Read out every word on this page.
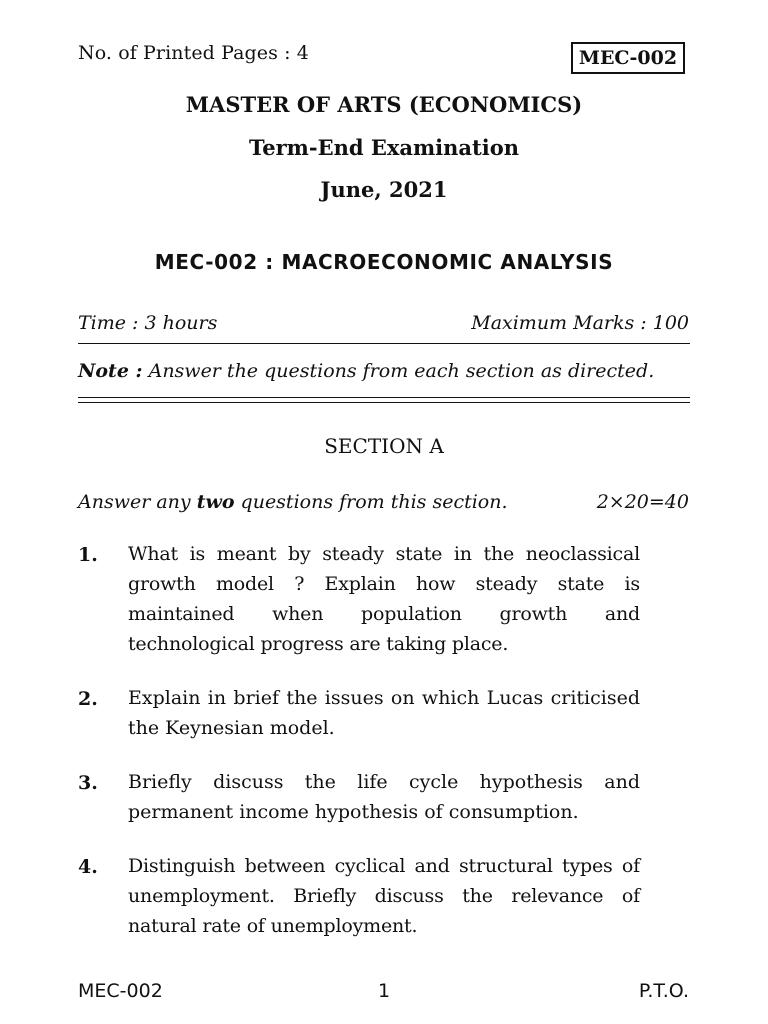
No. of Printed Pages : 4	MEC-002
MASTER OF ARTS (ECONOMICS)
Term-End Examination
June, 2021
MEC-002 : MACROECONOMIC ANALYSIS
Time : 3 hours	Maximum Marks : 100
Note : Answer the questions from each section as directed.
SECTION A
Answer any two questions from this section.	2×20=40
1. What is meant by steady state in the neoclassical growth model ? Explain how steady state is maintained when population growth and technological progress are taking place.
2. Explain in brief the issues on which Lucas criticised the Keynesian model.
3. Briefly discuss the life cycle hypothesis and permanent income hypothesis of consumption.
4. Distinguish between cyclical and structural types of unemployment. Briefly discuss the relevance of natural rate of unemployment.
MEC-002	1	P.T.O.
